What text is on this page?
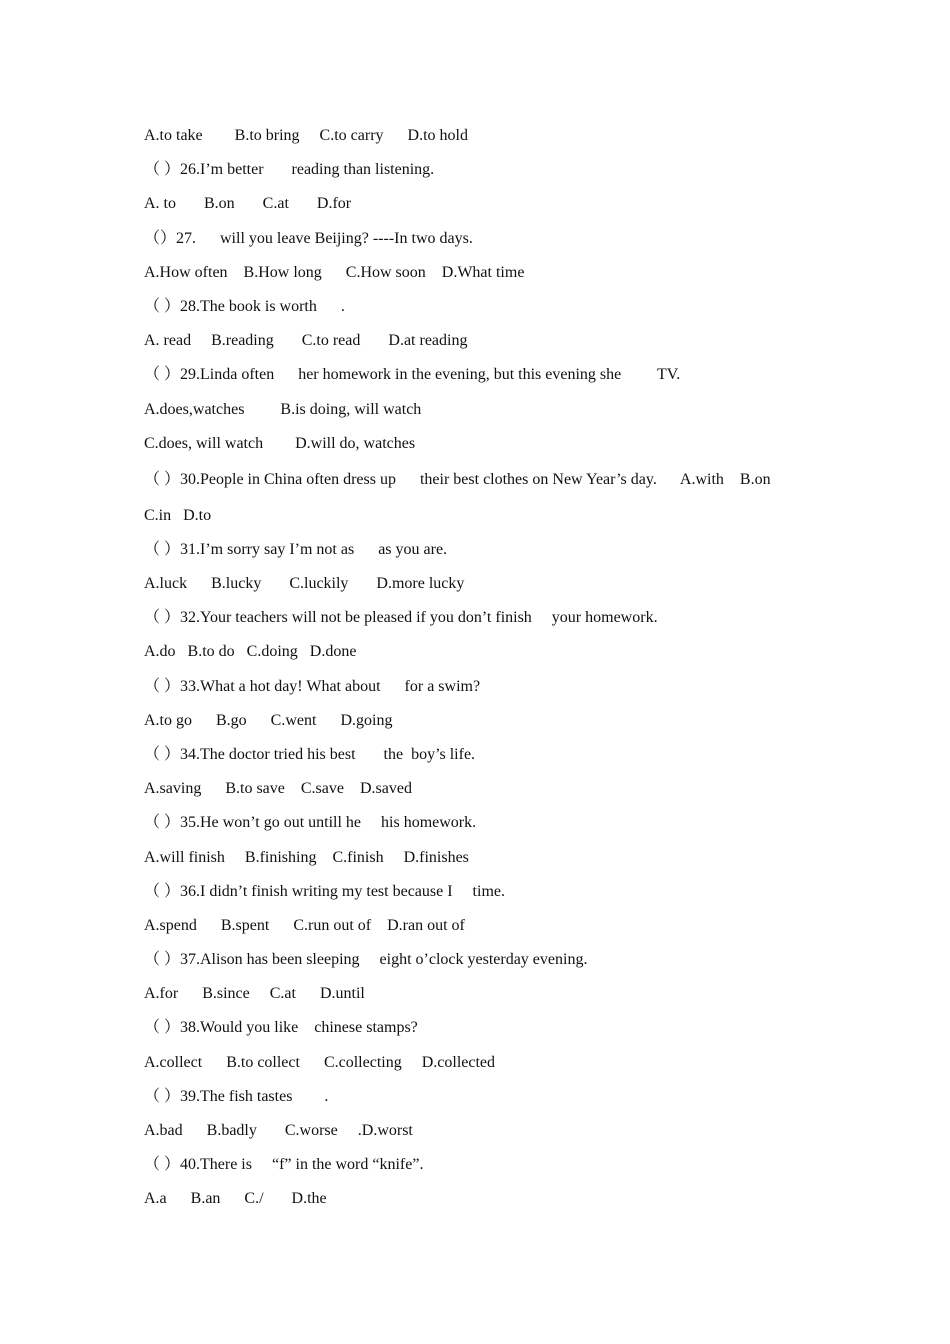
A.to take        B.to bring     C.to carry      D.to hold
（ ）26.I’m better       reading than listening.
A. to       B.on       C.at       D.for
（）27.      will you leave Beijing? ----In two days.
A.How often    B.How long      C.How soon    D.What time
（ ）28.The book is worth      .
A. read     B.reading       C.to read       D.at reading
（ ）29.Linda often      her homework in the evening, but this evening she         TV.
A.does,watches         B.is doing, will watch
C.does, will watch        D.will do, watches
（ ）30.People in China often dress up      their best clothes on New Year’s day.      A.with    B.on
C.in   D.to
（ ）31.I’m sorry say I’m not as      as you are.
A.luck      B.lucky       C.luckily       D.more lucky
（ ）32.Your teachers will not be pleased if you don’t finish     your homework.
A.do   B.to do   C.doing   D.done
（ ）33.What a hot day! What about      for a swim?
A.to go      B.go      C.went      D.going
（ ）34.The doctor tried his best       the  boy’s life.
A.saving      B.to save    C.save    D.saved
（ ）35.He won’t go out untill he     his homework.
A.will finish     B.finishing    C.finish     D.finishes
（ ）36.I didn’t finish writing my test because I     time.
A.spend      B.spent      C.run out of    D.ran out of
（ ）37.Alison has been sleeping     eight o’clock yesterday evening.
A.for      B.since     C.at      D.until
（ ）38.Would you like    chinese stamps?
A.collect      B.to collect      C.collecting     D.collected
（ ）39.The fish tastes        .
A.bad      B.badly       C.worse     .D.worst
（ ）40.There is     “f” in the word “knife”.
A.a      B.an      C./       D.the
